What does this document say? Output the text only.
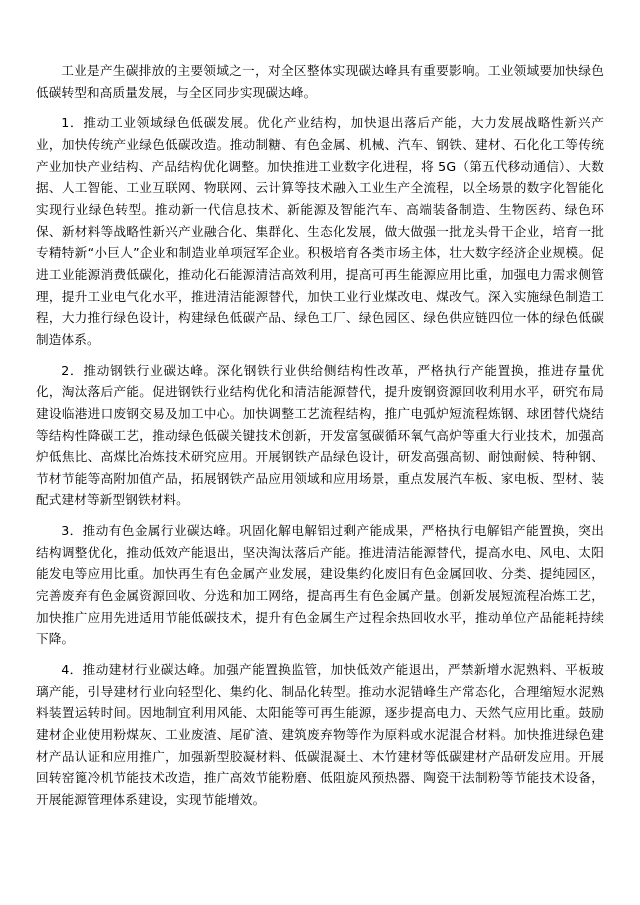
工业是产生碳排放的主要领域之一，对全区整体实现碳达峰具有重要影响。工业领域要加快绿色低碳转型和高质量发展，与全区同步实现碳达峰。

1．推动工业领域绿色低碳发展。优化产业结构，加快退出落后产能，大力发展战略性新兴产业，加快传统产业绿色低碳改造。推动制糖、有色金属、机械、汽车、钢铁、建材、石化化工等传统产业加快产业结构、产品结构优化调整。加快推进工业数字化进程，将 5G（第五代移动通信）、大数据、人工智能、工业互联网、物联网、云计算等技术融入工业生产全流程，以全场景的数字化智能化实现行业绿色转型。推动新一代信息技术、新能源及智能汽车、高端装备制造、生物医药、绿色环保、新材料等战略性新兴产业融合化、集群化、生态化发展，做大做强一批龙头骨干企业，培育一批专精特新“小巨人”企业和制造业单项冠军企业。积极培育各类市场主体，壮大数字经济企业规模。促进工业能源消费低碳化，推动化石能源清洁高效利用，提高可再生能源应用比重，加强电力需求侧管理，提升工业电气化水平，推进清洁能源替代，加快工业行业煤改电、煤改气。深入实施绿色制造工程，大力推行绿色设计，构建绿色低碳产品、绿色工厂、绿色园区、绿色供应链四位一体的绿色低碳制造体系。

2．推动钢铁行业碳达峰。深化钢铁行业供给侧结构性改革，严格执行产能置换，推进存量优化，淘汰落后产能。促进钢铁行业结构优化和清洁能源替代，提升废钢资源回收利用水平，研究布局建设临港进口废钢交易及加工中心。加快调整工艺流程结构，推广电弧炉短流程炼钢、球团替代烧结等结构性降碳工艺，推动绿色低碳关键技术创新，开发富氢碳循环氧气高炉等重大行业技术，加强高炉低焦比、高煤比冶炼技术研究应用。开展钢铁产品绿色设计，研发高强高韧、耐蚀耐候、特种钢、节材节能等高附加值产品，拓展钢铁产品应用领域和应用场景，重点发展汽车板、家电板、型材、装配式建材等新型钢铁材料。

3．推动有色金属行业碳达峰。巩固化解电解铝过剩产能成果，严格执行电解铝产能置换，突出结构调整优化，推动低效产能退出，坚决淘汰落后产能。推进清洁能源替代，提高水电、风电、太阳能发电等应用比重。加快再生有色金属产业发展，建设集约化废旧有色金属回收、分类、提纯园区，完善废弃有色金属资源回收、分选和加工网络，提高再生有色金属产量。创新发展短流程冶炼工艺，加快推广应用先进适用节能低碳技术，提升有色金属生产过程余热回收水平，推动单位产品能耗持续下降。

4．推动建材行业碳达峰。加强产能置换监管，加快低效产能退出，严禁新增水泥熟料、平板玻璃产能，引导建材行业向轻型化、集约化、制品化转型。推动水泥错峰生产常态化，合理缩短水泥熟料装置运转时间。因地制宜利用风能、太阳能等可再生能源，逐步提高电力、天然气应用比重。鼓励建材企业使用粉煤灰、工业废渣、尾矿渣、建筑废弃物等作为原料或水泥混合材料。加快推进绿色建材产品认证和应用推广，加强新型胶凝材料、低碳混凝土、木竹建材等低碳建材产品研发应用。开展回转窑篦冷机节能技术改造，推广高效节能粉磨、低阻旋风预热器、陶瓷干法制粉等节能技术设备，开展能源管理体系建设，实现节能增效。
